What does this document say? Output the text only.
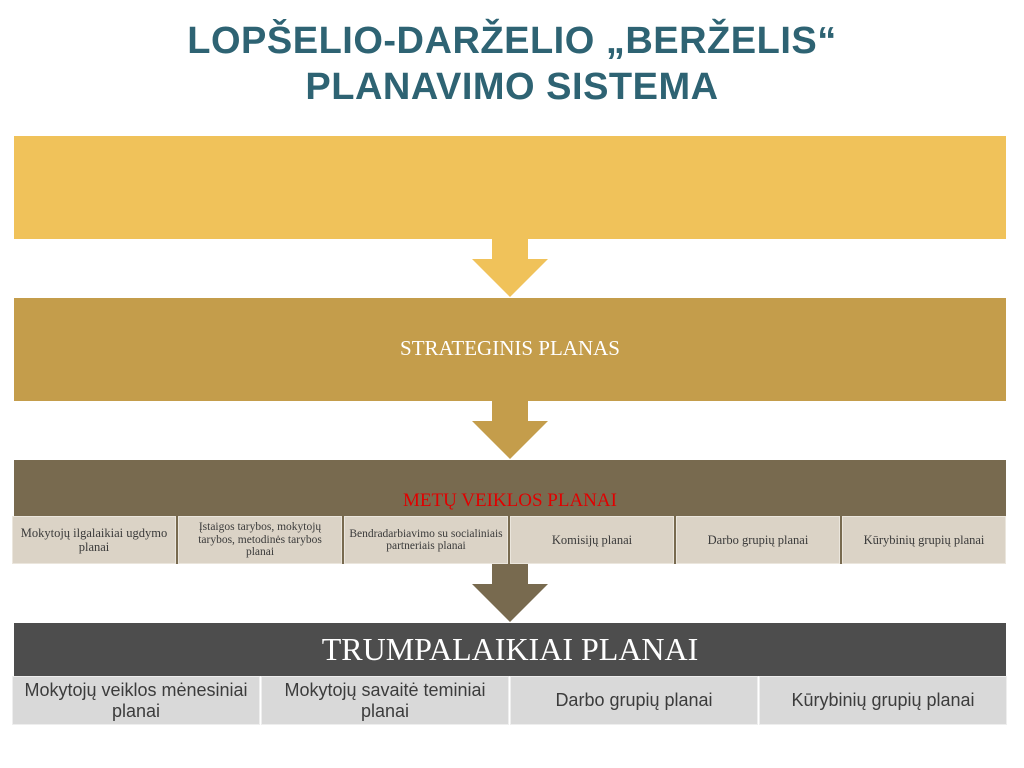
LOPŠELIO-DARŽELIO „BERŽELIS“
PLANAVIMO SISTEMA
STRATEGINIS PLANAS
METŲ VEIKLOS PLANAI
Mokytojų ilgalaikiai ugdymo planai
Įstaigos tarybos, mokytojų tarybos, metodinės tarybos planai
Bendradarbiavimo su socialiniais partneriais planai	Komisijų planai	Darbo grupių planai	Kūrybinių grupių planai
TRUMPALAIKIAI PLANAI
Mokytojų veiklos mėnesiniai planai
Mokytojų savaitė teminiai planai
Darbo grupių planai	Kūrybinių grupių planai
